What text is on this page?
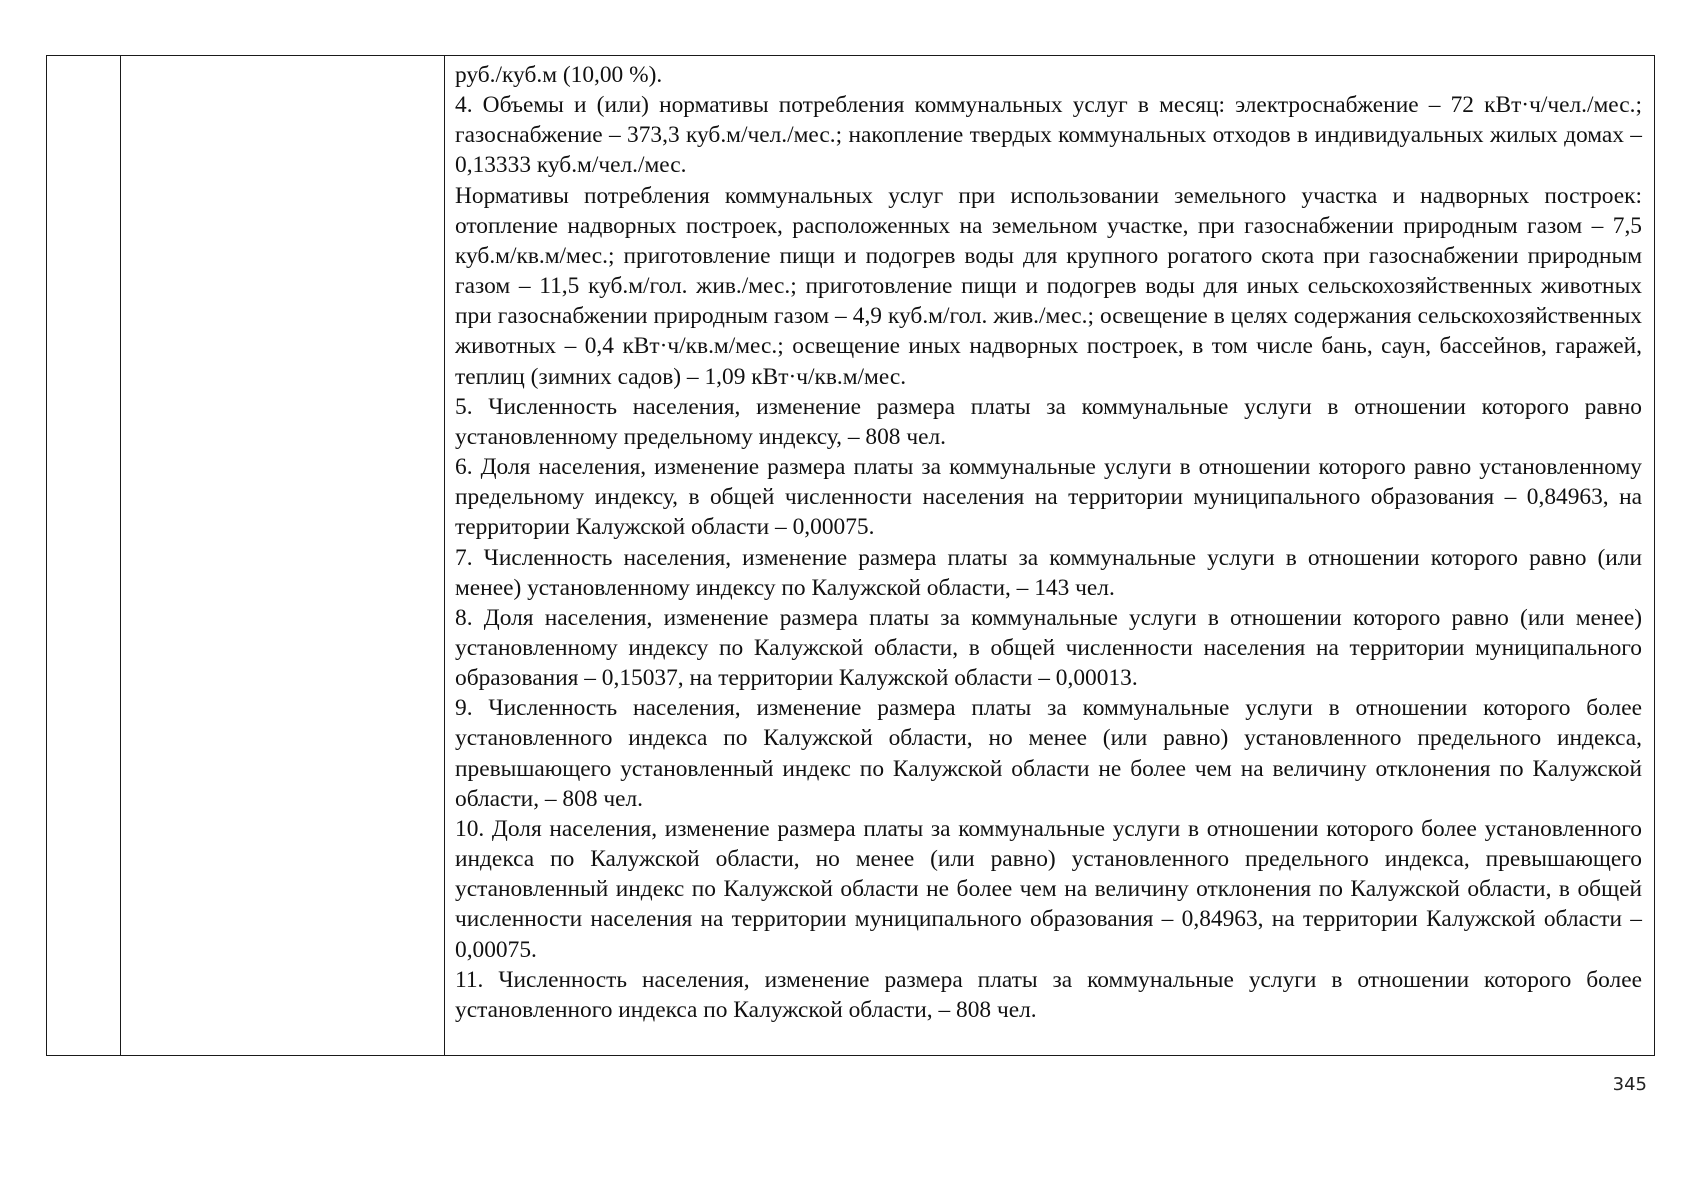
руб./куб.м (10,00 %).

4. Объемы и (или) нормативы потребления коммунальных услуг в месяц: электроснабжение – 72 кВт·ч/чел./мес.; газоснабжение – 373,3 куб.м/чел./мес.; накопление твердых коммунальных отходов в индивидуальных жилых домах – 0,13333 куб.м/чел./мес.

Нормативы потребления коммунальных услуг при использовании земельного участка и надворных построек: отопление надворных построек, расположенных на земельном участке, при газоснабжении природным газом – 7,5 куб.м/кв.м/мес.; приготовление пищи и подогрев воды для крупного рогатого скота при газоснабжении природным газом – 11,5 куб.м/гол. жив./мес.; приготовление пищи и подогрев воды для иных сельскохозяйственных животных при газоснабжении природным газом – 4,9 куб.м/гол. жив./мес.; освещение в целях содержания сельскохозяйственных животных – 0,4 кВт·ч/кв.м/мес.; освещение иных надворных построек, в том числе бань, саун, бассейнов, гаражей, теплиц (зимних садов) – 1,09 кВт·ч/кв.м/мес.

5. Численность населения, изменение размера платы за коммунальные услуги в отношении которого равно установленному предельному индексу, – 808 чел.

6. Доля населения, изменение размера платы за коммунальные услуги в отношении которого равно установленному предельному индексу, в общей численности населения на территории муниципального образования – 0,84963, на территории Калужской области – 0,00075.

7. Численность населения, изменение размера платы за коммунальные услуги в отношении которого равно (или менее) установленному индексу по Калужской области, – 143 чел.

8. Доля населения, изменение размера платы за коммунальные услуги в отношении которого равно (или менее) установленному индексу по Калужской области, в общей численности населения на территории муниципального образования – 0,15037, на территории Калужской области – 0,00013.

9. Численность населения, изменение размера платы за коммунальные услуги в отношении которого более установленного индекса по Калужской области, но менее (или равно) установленного предельного индекса, превышающего установленный индекс по Калужской области не более чем на величину отклонения по Калужской области, – 808 чел.

10. Доля населения, изменение размера платы за коммунальные услуги в отношении которого более установленного индекса по Калужской области, но менее (или равно) установленного предельного индекса, превышающего установленный индекс по Калужской области не более чем на величину отклонения по Калужской области, в общей численности населения на территории муниципального образования – 0,84963, на территории Калужской области – 0,00075.

11. Численность населения, изменение размера платы за коммунальные услуги в отношении которого более установленного индекса по Калужской области, – 808 чел.

345
